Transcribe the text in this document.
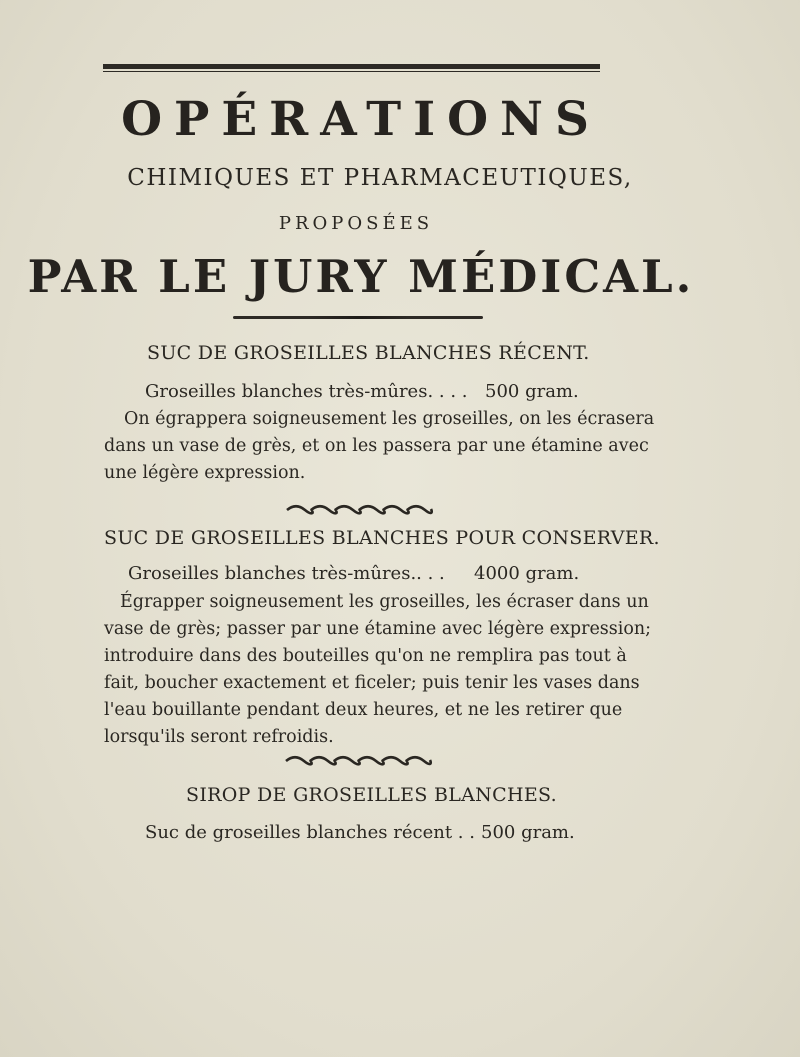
OPÉRATIONS
CHIMIQUES ET PHARMACEUTIQUES,
PROPOSÉES
PAR LE JURY MÉDICAL.
SUC DE GROSEILLES BLANCHES RÉCENT.
Groseilles blanches très-mûres. . . . 500 gram.
On égrappera soigneusement les groseilles, on les écrasera
dans un vase de grès, et on les passera par une étamine avec
une légère expression.
SUC DE GROSEILLES BLANCHES POUR CONSERVER.
Groseilles blanches très-mûres.. . . 4000 gram.
Égrapper soigneusement les groseilles, les écraser dans un
vase de grès; passer par une étamine avec légère expression;
introduire dans des bouteilles qu'on ne remplira pas tout à
fait, boucher exactement et ficeler; puis tenir les vases dans
l'eau bouillante pendant deux heures, et ne les retirer que
lorsqu'ils seront refroidis.
SIROP DE GROSEILLES BLANCHES.
Suc de groseilles blanches récent . . 500 gram.
